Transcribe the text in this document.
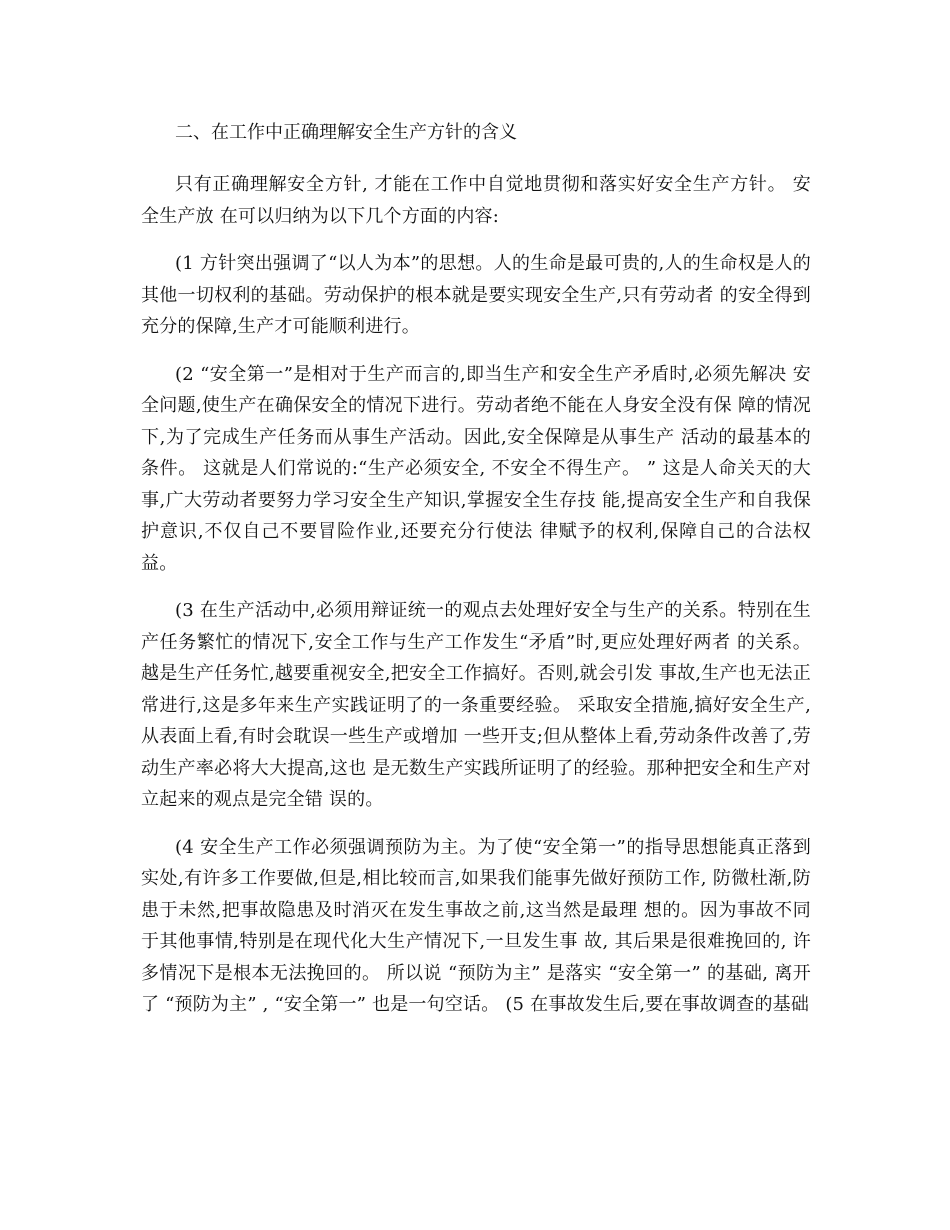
二、在工作中正确理解安全生产方针的含义

只有正确理解安全方针, 才能在工作中自觉地贯彻和落实好安全生产方针。 安全生产放 在可以归纳为以下几个方面的内容:

(1 方针突出强调了“以人为本”的思想。人的生命是最可贵的,人的生命权是人的其他一切权利的基础。劳动保护的根本就是要实现安全生产,只有劳动者 的安全得到充分的保障,生产才可能顺利进行。

(2 “安全第一”是相对于生产而言的,即当生产和安全生产矛盾时,必须先解决 安全问题,使生产在确保安全的情况下进行。劳动者绝不能在人身安全没有保 障的情况下,为了完成生产任务而从事生产活动。因此,安全保障是从事生产 活动的最基本的条件。 这就是人们常说的:“生产必须安全, 不安全不得生产。 ” 这是人命关天的大事,广大劳动者要努力学习安全生产知识,掌握安全生存技 能,提高安全生产和自我保护意识,不仅自己不要冒险作业,还要充分行使法 律赋予的权利,保障自己的合法权益。

(3 在生产活动中,必须用辩证统一的观点去处理好安全与生产的关系。特别在生 产任务繁忙的情况下,安全工作与生产工作发生“矛盾”时,更应处理好两者 的关系。越是生产任务忙,越要重视安全,把安全工作搞好。否则,就会引发 事故,生产也无法正常进行,这是多年来生产实践证明了的一条重要经验。 采取安全措施,搞好安全生产,从表面上看,有时会耽误一些生产或增加 一些开支;但从整体上看,劳动条件改善了,劳动生产率必将大大提高,这也 是无数生产实践所证明了的经验。那种把安全和生产对立起来的观点是完全错 误的。

(4 安全生产工作必须强调预防为主。为了使“安全第一”的指导思想能真正落到实处,有许多工作要做,但是,相比较而言,如果我们能事先做好预防工作, 防微杜渐,防患于未然,把事故隐患及时消灭在发生事故之前,这当然是最理 想的。因为事故不同于其他事情,特别是在现代化大生产情况下,一旦发生事 故, 其后果是很难挽回的, 许多情况下是根本无法挽回的。 所以说 “预防为主” 是落实 “安全第一” 的基础, 离开了 “预防为主” , “安全第一” 也是一句空话。 (5 在事故发生后,要在事故调查的基础
